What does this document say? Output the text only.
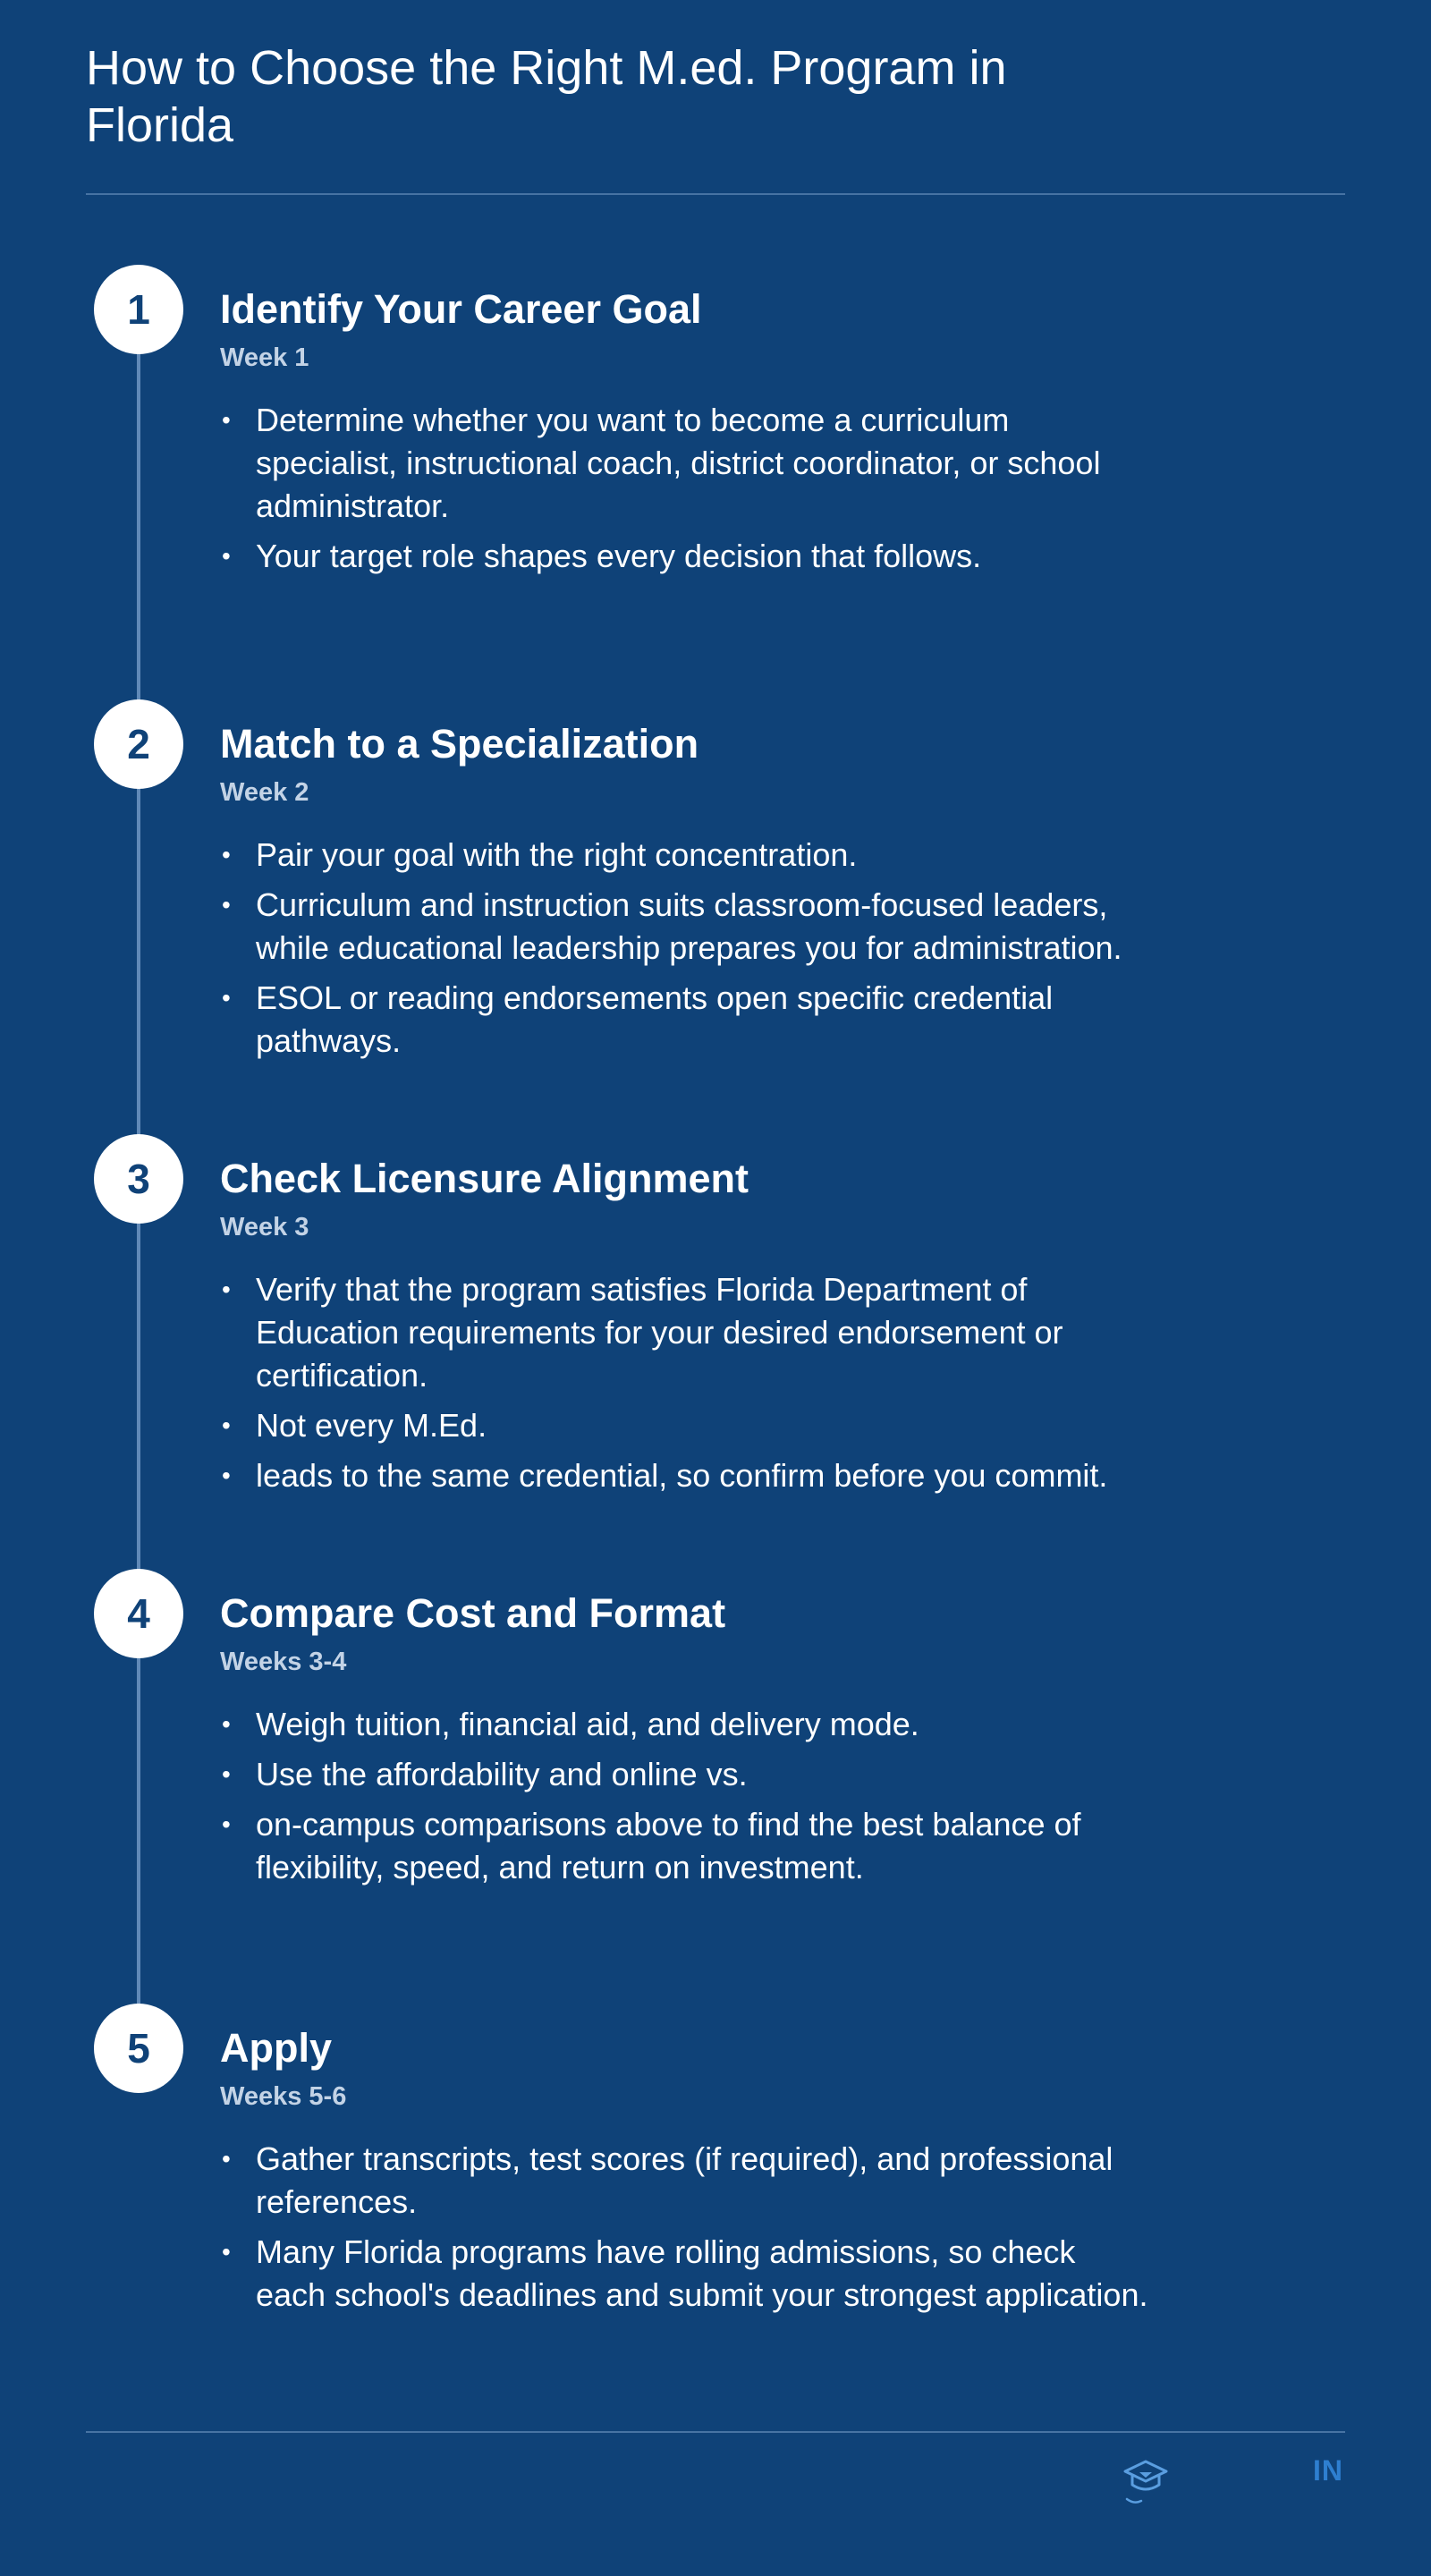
How to Choose the Right M.ed. Program in Florida
1	Identify Your Career Goal
Week 1
• Determine whether you want to become a curriculum specialist, instructional coach, district coordinator, or school administrator.
• Your target role shapes every decision that follows.
2	Match to a Specialization
Week 2
• Pair your goal with the right concentration.
• Curriculum and instruction suits classroom-focused leaders, while educational leadership prepares you for administration.
• ESOL or reading endorsements open specific credential pathways.
3	Check Licensure Alignment
Week 3
• Verify that the program satisfies Florida Department of Education requirements for your desired endorsement or certification.
• Not every M.Ed.
• leads to the same credential, so confirm before you commit.
4	Compare Cost and Format
Weeks 3-4
• Weigh tuition, financial aid, and delivery mode.
• Use the affordability and online vs.
• on-campus comparisons above to find the best balance of flexibility, speed, and return on investment.
5	Apply
Weeks 5-6
• Gather transcripts, test scores (if required), and professional references.
• Many Florida programs have rolling admissions, so check each school's deadlines and submit your strongest application.
IN
